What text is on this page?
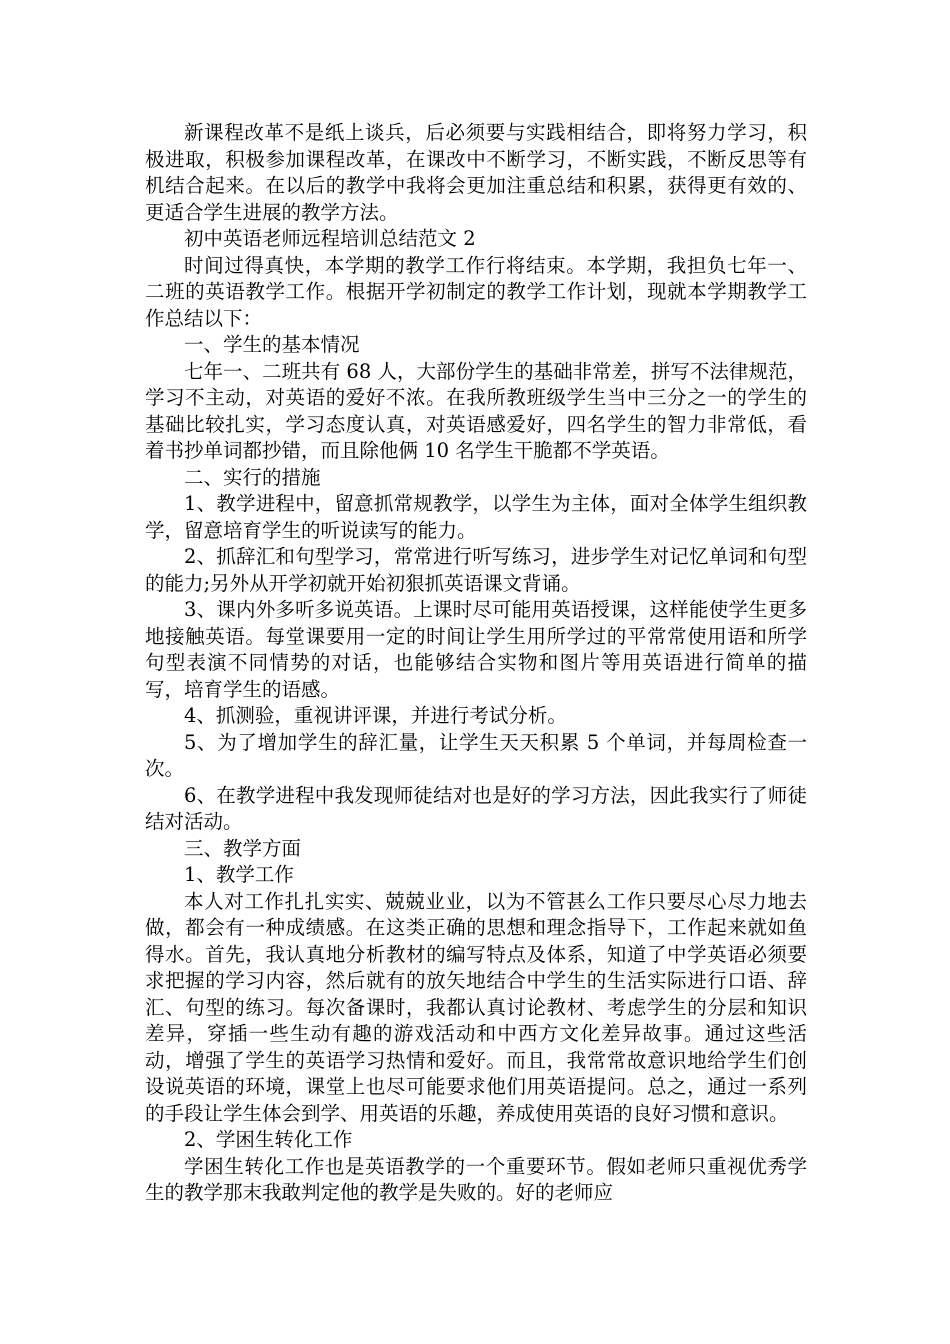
新课程改革不是纸上谈兵，后必须要与实践相结合，即将努力学习，积极进取，积极参加课程改革，在课改中不断学习，不断实践，不断反思等有机结合起来。在以后的教学中我将会更加注重总结和积累，获得更有效的、更适合学生进展的教学方法。

初中英语老师远程培训总结范文 2

时间过得真快，本学期的教学工作行将结束。本学期，我担负七年一、二班的英语教学工作。根据开学初制定的教学工作计划，现就本学期教学工作总结以下：

一、学生的基本情况

七年一、二班共有 68 人，大部份学生的基础非常差，拼写不法律规范，学习不主动，对英语的爱好不浓。在我所教班级学生当中三分之一的学生的基础比较扎实，学习态度认真，对英语感爱好，四名学生的智力非常低，看着书抄单词都抄错，而且除他俩 10 名学生干脆都不学英语。

二、实行的措施

1、教学进程中，留意抓常规教学，以学生为主体，面对全体学生组织教学，留意培育学生的听说读写的能力。

2、抓辞汇和句型学习，常常进行听写练习，进步学生对记忆单词和句型的能力;另外从开学初就开始初狠抓英语课文背诵。

3、课内外多听多说英语。上课时尽可能用英语授课，这样能使学生更多地接触英语。每堂课要用一定的时间让学生用所学过的平常常使用语和所学句型表演不同情势的对话，也能够结合实物和图片等用英语进行简单的描写，培育学生的语感。

4、抓测验，重视讲评课，并进行考试分析。

5、为了增加学生的辞汇量，让学生天天积累 5 个单词，并每周检查一次。

6、在教学进程中我发现师徒结对也是好的学习方法，因此我实行了师徒结对活动。

三、教学方面

1、教学工作

本人对工作扎扎实实、兢兢业业，以为不管甚么工作只要尽心尽力地去做，都会有一种成绩感。在这类正确的思想和理念指导下，工作起来就如鱼得水。首先，我认真地分析教材的编写特点及体系，知道了中学英语必须要求把握的学习内容，然后就有的放矢地结合中学生的生活实际进行口语、辞汇、句型的练习。每次备课时，我都认真讨论教材、考虑学生的分层和知识差异，穿插一些生动有趣的游戏活动和中西方文化差异故事。通过这些活动，增强了学生的英语学习热情和爱好。而且，我常常故意识地给学生们创设说英语的环境，课堂上也尽可能要求他们用英语提问。总之，通过一系列的手段让学生体会到学、用英语的乐趣，养成使用英语的良好习惯和意识。

2、学困生转化工作

学困生转化工作也是英语教学的一个重要环节。假如老师只重视优秀学生的教学那末我敢判定他的教学是失败的。好的老师应
